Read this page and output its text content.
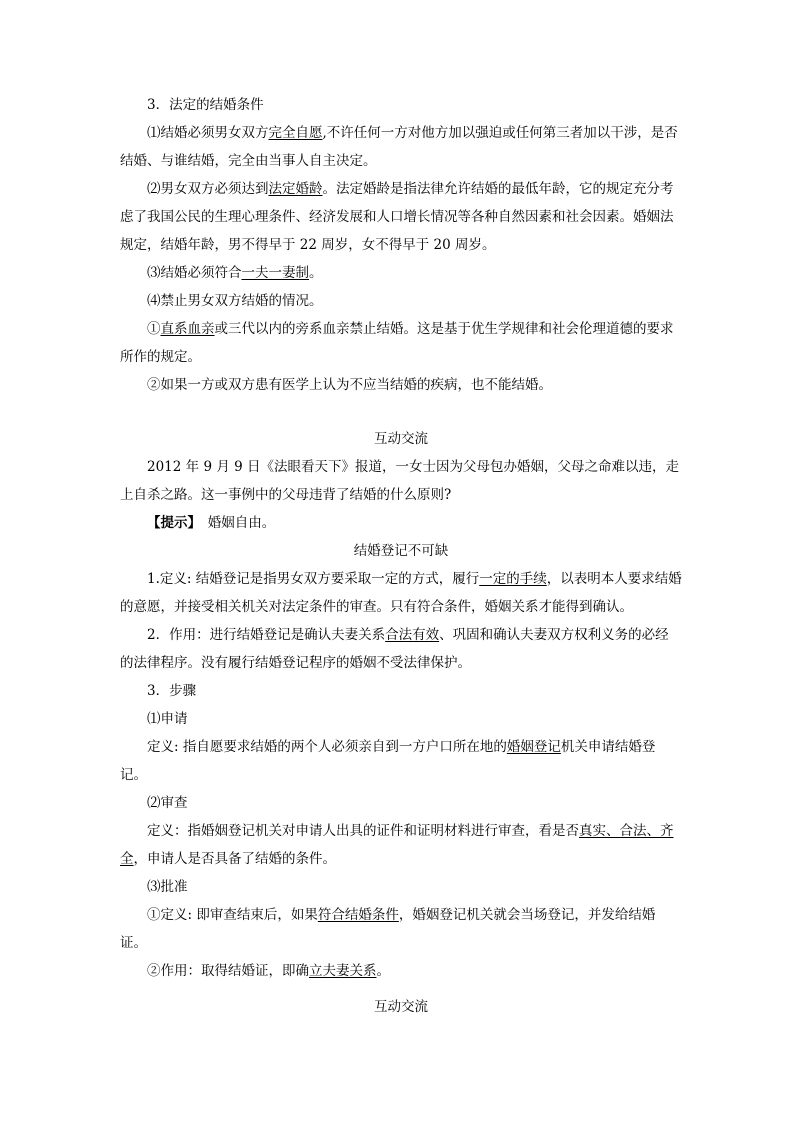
3．法定的结婚条件

⑴结婚必须男女双方完全自愿,不许任何一方对他方加以强迫或任何第三者加以干涉，是否结婚、与谁结婚，完全由当事人自主决定。

⑵男女双方必须达到法定婚龄。法定婚龄是指法律允许结婚的最低年龄，它的规定充分考虑了我国公民的生理心理条件、经济发展和人口增长情况等各种自然因素和社会因素。婚姻法规定，结婚年龄，男不得早于 22 周岁，女不得早于 20 周岁。

⑶结婚必须符合一夫一妻制。

⑷禁止男女双方结婚的情况。

①直系血亲或三代以内的旁系血亲禁止结婚。这是基于优生学规律和社会伦理道德的要求所作的规定。

②如果一方或双方患有医学上认为不应当结婚的疾病，也不能结婚。

互动交流

2012 年 9 月 9 日《法眼看天下》报道，一女士因为父母包办婚姻，父母之命难以违，走上自杀之路。这一事例中的父母违背了结婚的什么原则?

【提示】　婚姻自由。

结婚登记不可缺

1.定义: 结婚登记是指男女双方要采取一定的方式，履行一定的手续，以表明本人要求结婚的意愿，并接受相关机关对法定条件的审查。只有符合条件，婚姻关系才能得到确认。

2．作用：进行结婚登记是确认夫妻关系合法有效、巩固和确认夫妻双方权利义务的必经的法律程序。没有履行结婚登记程序的婚姻不受法律保护。

3．步骤

⑴申请

定义: 指自愿要求结婚的两个人必须亲自到一方户口所在地的婚姻登记机关申请结婚登记。

⑵审查

定义：指婚姻登记机关对申请人出具的证件和证明材料进行审查，看是否真实、合法、齐全，申请人是否具备了结婚的条件。

⑶批准

①定义: 即审查结束后，如果符合结婚条件，婚姻登记机关就会当场登记，并发给结婚证。

②作用：取得结婚证，即确立夫妻关系。

互动交流
